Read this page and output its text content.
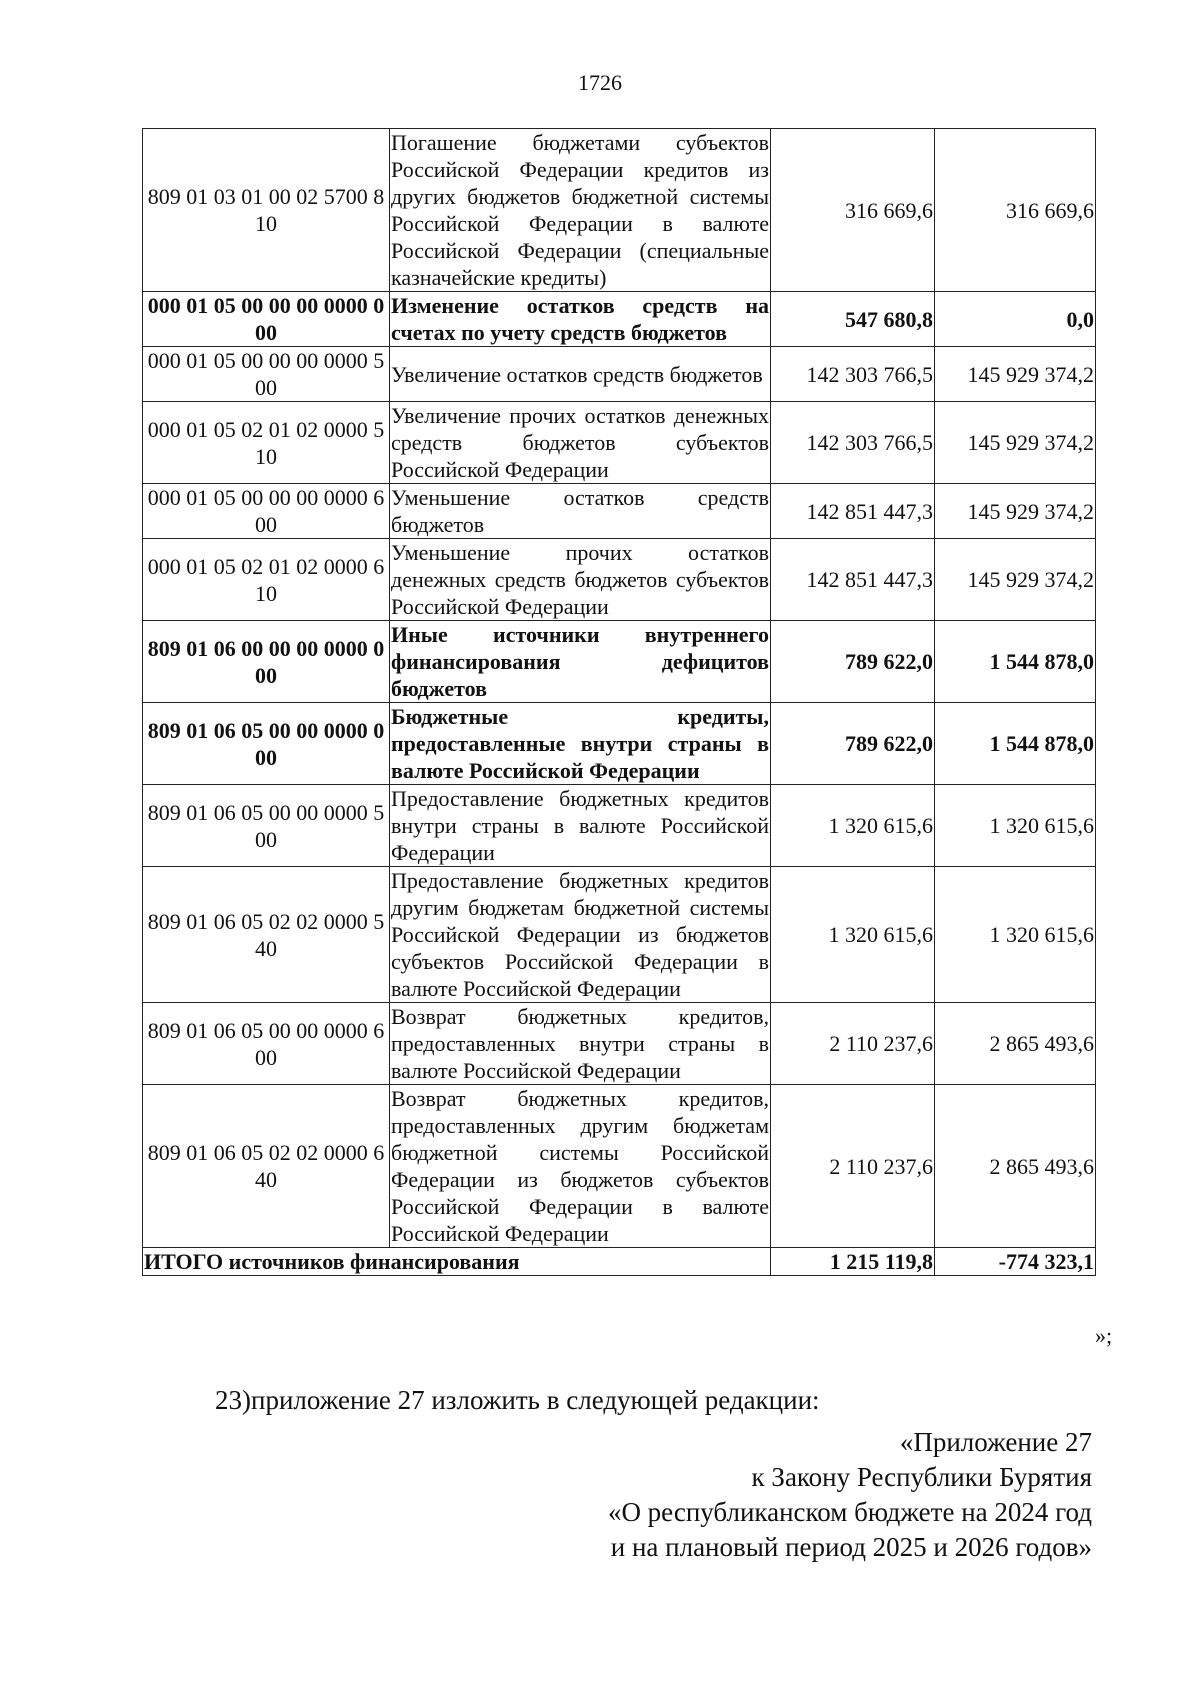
1726
809 01 03 01 00 02 5700 810	Погашение бюджетами субъектов Российской Федерации кредитов из других бюджетов бюджетной системы Российской Федерации в валюте Российской Федерации (специальные казначейские кредиты)	316 669,6	316 669,6
000 01 05 00 00 00 0000 000	Изменение остатков средств на счетах по учету средств бюджетов	547 680,8	0,0
000 01 05 00 00 00 0000 500	Увеличение остатков средств бюджетов	142 303 766,5	145 929 374,2
000 01 05 02 01 02 0000 510	Увеличение прочих остатков денежных средств бюджетов субъектов Российской Федерации	142 303 766,5	145 929 374,2
000 01 05 00 00 00 0000 600	Уменьшение остатков средств бюджетов	142 851 447,3	145 929 374,2
000 01 05 02 01 02 0000 610	Уменьшение прочих остатков денежных средств бюджетов субъектов Российской Федерации	142 851 447,3	145 929 374,2
809 01 06 00 00 00 0000 000	Иные источники внутреннего финансирования дефицитов бюджетов	789 622,0	1 544 878,0
809 01 06 05 00 00 0000 000	Бюджетные кредиты, предоставленные внутри страны в валюте Российской Федерации	789 622,0	1 544 878,0
809 01 06 05 00 00 0000 500	Предоставление бюджетных кредитов внутри страны в валюте Российской Федерации	1 320 615,6	1 320 615,6
809 01 06 05 02 02 0000 540	Предоставление бюджетных кредитов другим бюджетам бюджетной системы Российской Федерации из бюджетов субъектов Российской Федерации в валюте Российской Федерации	1 320 615,6	1 320 615,6
809 01 06 05 00 00 0000 600	Возврат бюджетных кредитов, предоставленных внутри страны в валюте Российской Федерации	2 110 237,6	2 865 493,6
809 01 06 05 02 02 0000 640	Возврат бюджетных кредитов, предоставленных другим бюджетам бюджетной системы Российской Федерации из бюджетов субъектов Российской Федерации в валюте Российской Федерации	2 110 237,6	2 865 493,6
ИТОГО источников финансирования		1 215 119,8	-774 323,1
»;
23)приложение 27 изложить в следующей редакции:
«Приложение 27
к Закону Республики Бурятия
«О республиканском бюджете на 2024 год
и на плановый период 2025 и 2026 годов»
